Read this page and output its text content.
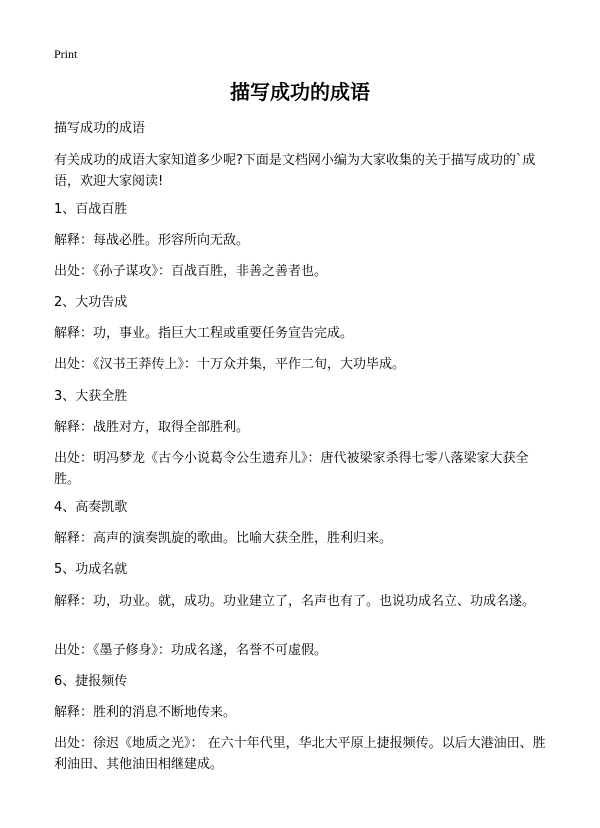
Print
描写成功的成语
描写成功的成语
有关成功的成语大家知道多少呢?下面是文档网小编为大家收集的关于描写成功的`成语，欢迎大家阅读!
1、百战百胜
解释：每战必胜。形容所向无敌。
出处：《孙子谋攻》：百战百胜，非善之善者也。
2、大功告成
解释：功，事业。指巨大工程或重要任务宣告完成。
出处：《汉书王莽传上》：十万众并集，平作二旬，大功毕成。
3、大获全胜
解释：战胜对方，取得全部胜利。
出处：明冯梦龙《古今小说葛令公生遗弃儿》：唐代被梁家杀得七零八落梁家大获全胜。
4、高奏凯歌
解释：高声的演奏凯旋的歌曲。比喻大获全胜，胜利归来。
5、功成名就
解释：功，功业。就，成功。功业建立了，名声也有了。也说功成名立、功成名遂。
出处：《墨子修身》：功成名遂，名誉不可虚假。
6、捷报频传
解释：胜利的消息不断地传来。
出处：徐迟《地质之光》： 在六十年代里，华北大平原上捷报频传。以后大港油田、胜利油田、其他油田相继建成。
